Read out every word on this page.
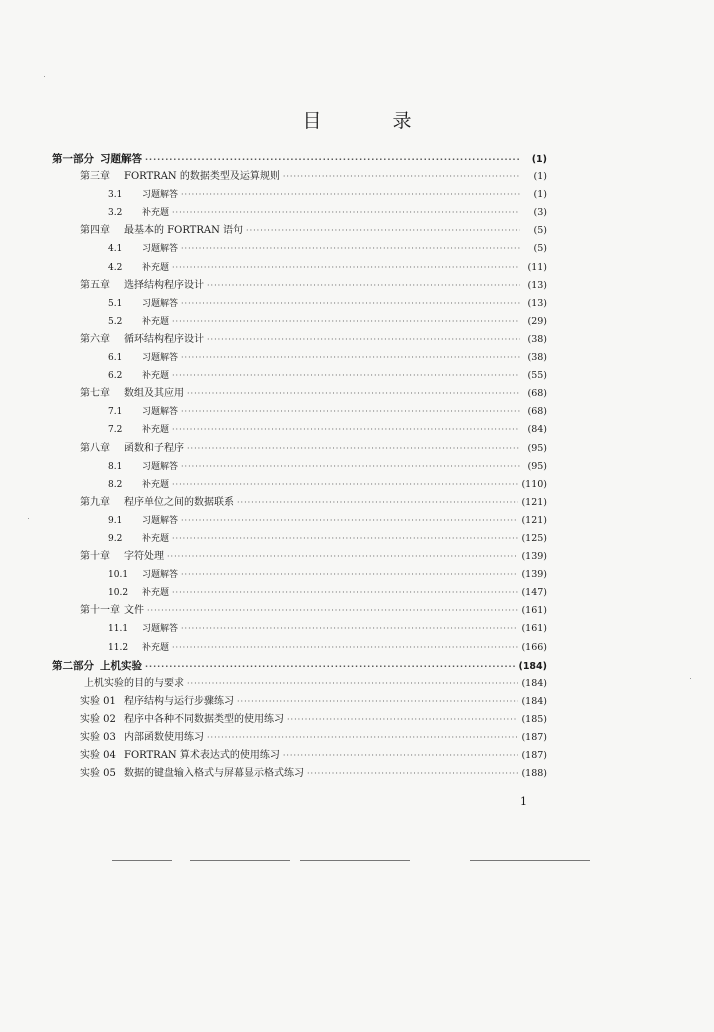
目　录
第一部分 习题解答 ·····	(1)
第三章	FORTRAN 的数据类型及运算规则 ·····	(1)
3.1	习题解答 ·····	(1)
3.2	补充题 ·····	(3)
第四章	最基本的 FORTRAN 语句 ·····	(5)
4.1	习题解答 ·····	(5)
4.2	补充题 ·····	(11)
第五章	选择结构程序设计 ·····	(13)
5.1	习题解答 ·····	(13)
5.2	补充题 ·····	(29)
第六章	循环结构程序设计 ·····	(38)
6.1	习题解答 ·····	(38)
6.2	补充题 ·····	(55)
第七章	数组及其应用 ·····	(68)
7.1	习题解答 ·····	(68)
7.2	补充题 ·····	(84)
第八章	函数和子程序 ·····	(95)
8.1	习题解答 ·····	(95)
8.2	补充题 ·····	(110)
第九章	程序单位之间的数据联系 ·····	(121)
9.1	习题解答 ·····	(121)
9.2	补充题 ·····	(125)
第十章	字符处理 ·····	(139)
10.1	习题解答 ·····	(139)
10.2	补充题 ·····	(147)
第十一章 文件 ·····	(161)
11.1	习题解答 ·····	(161)
11.2	补充题 ·····	(166)
第二部分 上机实验 ·····	(184)
上机实验的目的与要求 ·····	(184)
实验 01 程序结构与运行步骤练习 ·····	(184)
实验 02 程序中各种不同数据类型的使用练习 ·····	(185)
实验 03 内部函数使用练习 ·····	(187)
实验 04 FORTRAN 算术表达式的使用练习 ·····	(187)
实验 05 数据的键盘输入格式与屏幕显示格式练习 ·····	(188)
1
